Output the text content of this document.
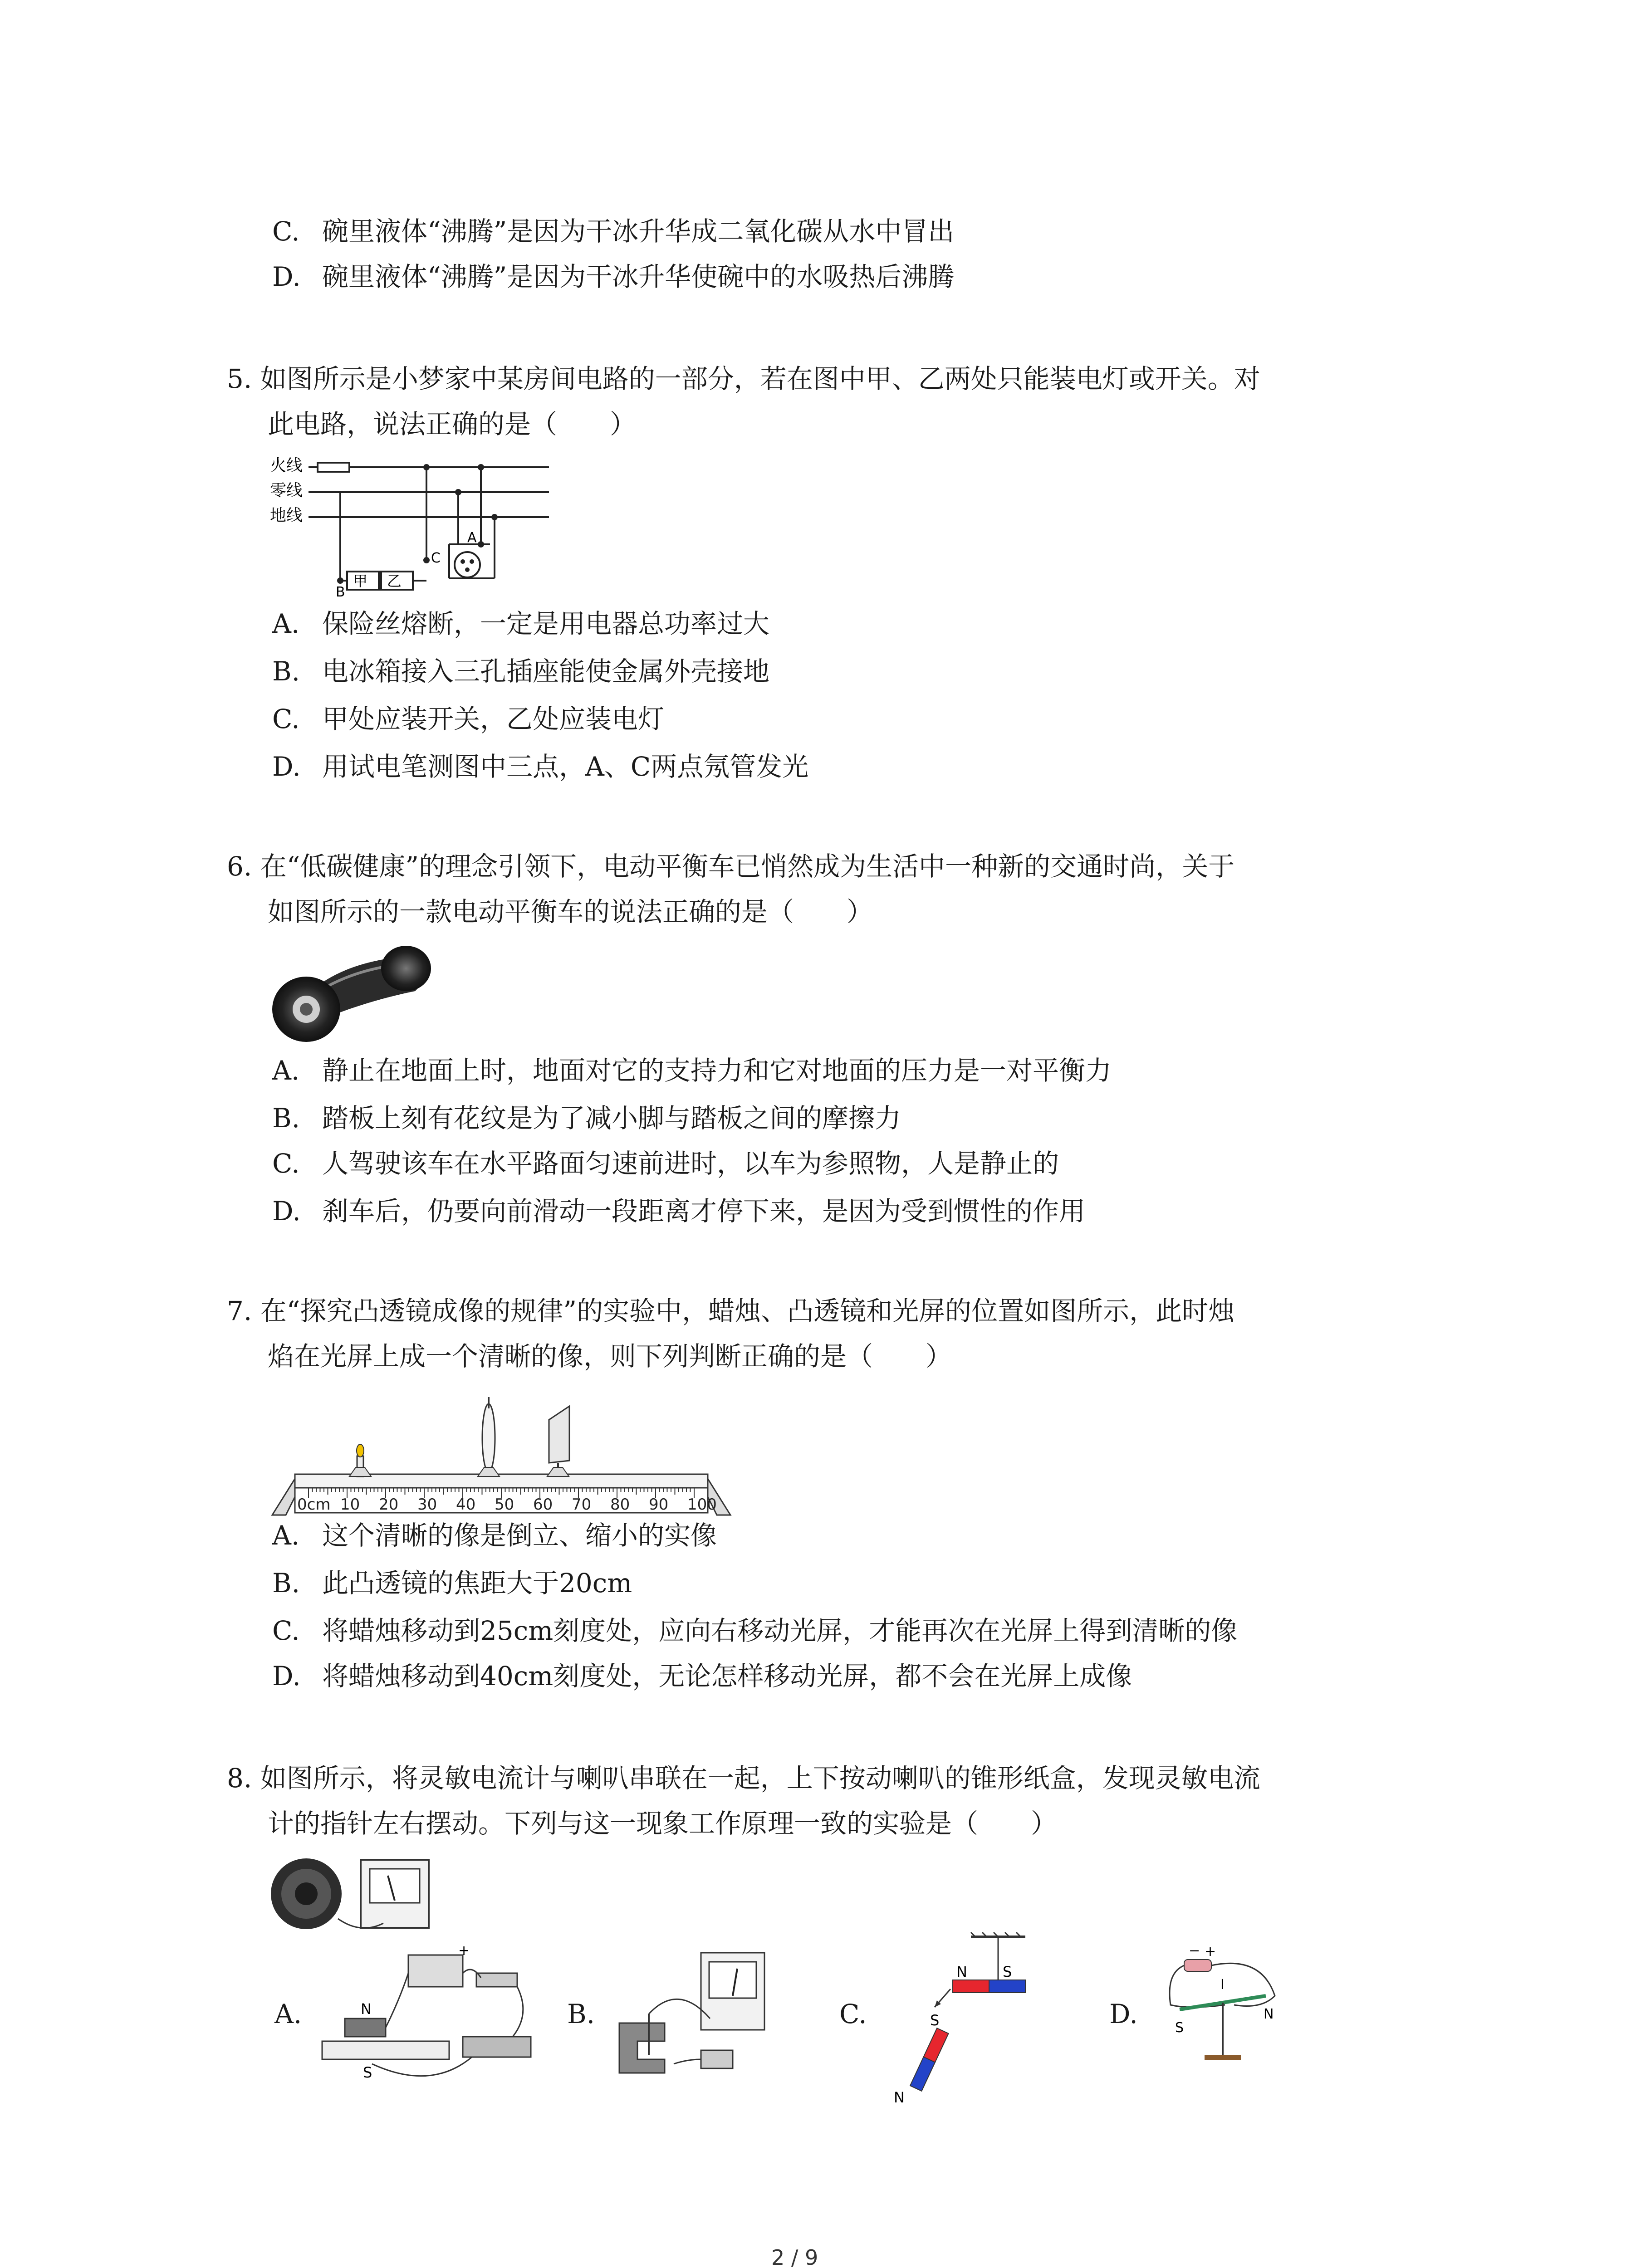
C. 碗里液体“沸腾”是因为干冰升华成二氧化碳从水中冒出
D. 碗里液体“沸腾”是因为干冰升华使碗中的水吸热后沸腾
5. 如图所示是小梦家中某房间电路的一部分，若在图中甲、乙两处只能装电灯或开关。对
此电路，说法正确的是（　　）
火线
零线
地线
甲 乙
A
B
C
A. 保险丝熔断，一定是用电器总功率过大
B. 电冰箱接入三孔插座能使金属外壳接地
C. 甲处应装开关，乙处应装电灯
D. 用试电笔测图中三点，A、C两点氖管发光
6. 在“低碳健康”的理念引领下，电动平衡车已悄然成为生活中一种新的交通时尚，关于
如图所示的一款电动平衡车的说法正确的是（　　）
A. 静止在地面上时，地面对它的支持力和它对地面的压力是一对平衡力
B. 踏板上刻有花纹是为了减小脚与踏板之间的摩擦力
C. 人驾驶该车在水平路面匀速前进时，以车为参照物，人是静止的
D. 刹车后，仍要向前滑动一段距离才停下来，是因为受到惯性的作用
7. 在“探究凸透镜成像的规律”的实验中，蜡烛、凸透镜和光屏的位置如图所示，此时烛
焰在光屏上成一个清晰的像，则下列判断正确的是（　　）
0cm 10 20 30 40 50 60 70 80 90 100
A. 这个清晰的像是倒立、缩小的实像
B. 此凸透镜的焦距大于20cm
C. 将蜡烛移动到25cm刻度处，应向右移动光屏，才能再次在光屏上得到清晰的像
D. 将蜡烛移动到40cm刻度处，无论怎样移动光屏，都不会在光屏上成像
8. 如图所示，将灵敏电流计与喇叭串联在一起，上下按动喇叭的锥形纸盒，发现灵敏电流
计的指针左右摆动。下列与这一现象工作原理一致的实验是（　　）
A.	N
S
+
B.	C.
N S
S
N
D.
− +
I
S
N
2 / 9
